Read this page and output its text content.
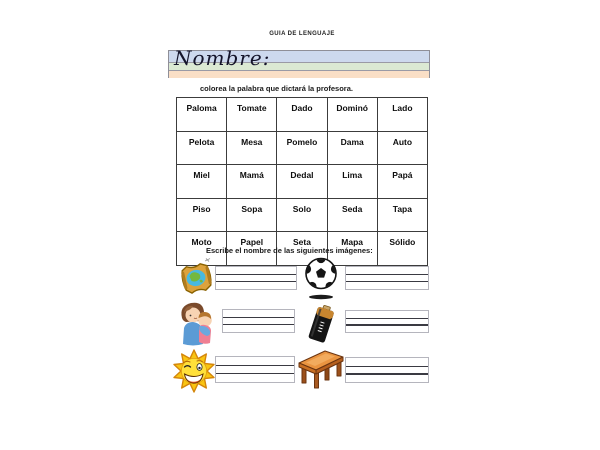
GUIA DE LENGUAJE
Nombre:
colorea la palabra que dictará la profesora.
Paloma	Tomate	Dado	Dominó	Lado
Pelota	Mesa	Pomelo	Dama	Auto
Miel	Mamá	Dedal	Lima	Papá
Piso	Sopa	Solo	Seda	Tapa
Moto	Papel	Seta	Mapa	Sólido
Escribe el nombre de las siguientes imágenes:
